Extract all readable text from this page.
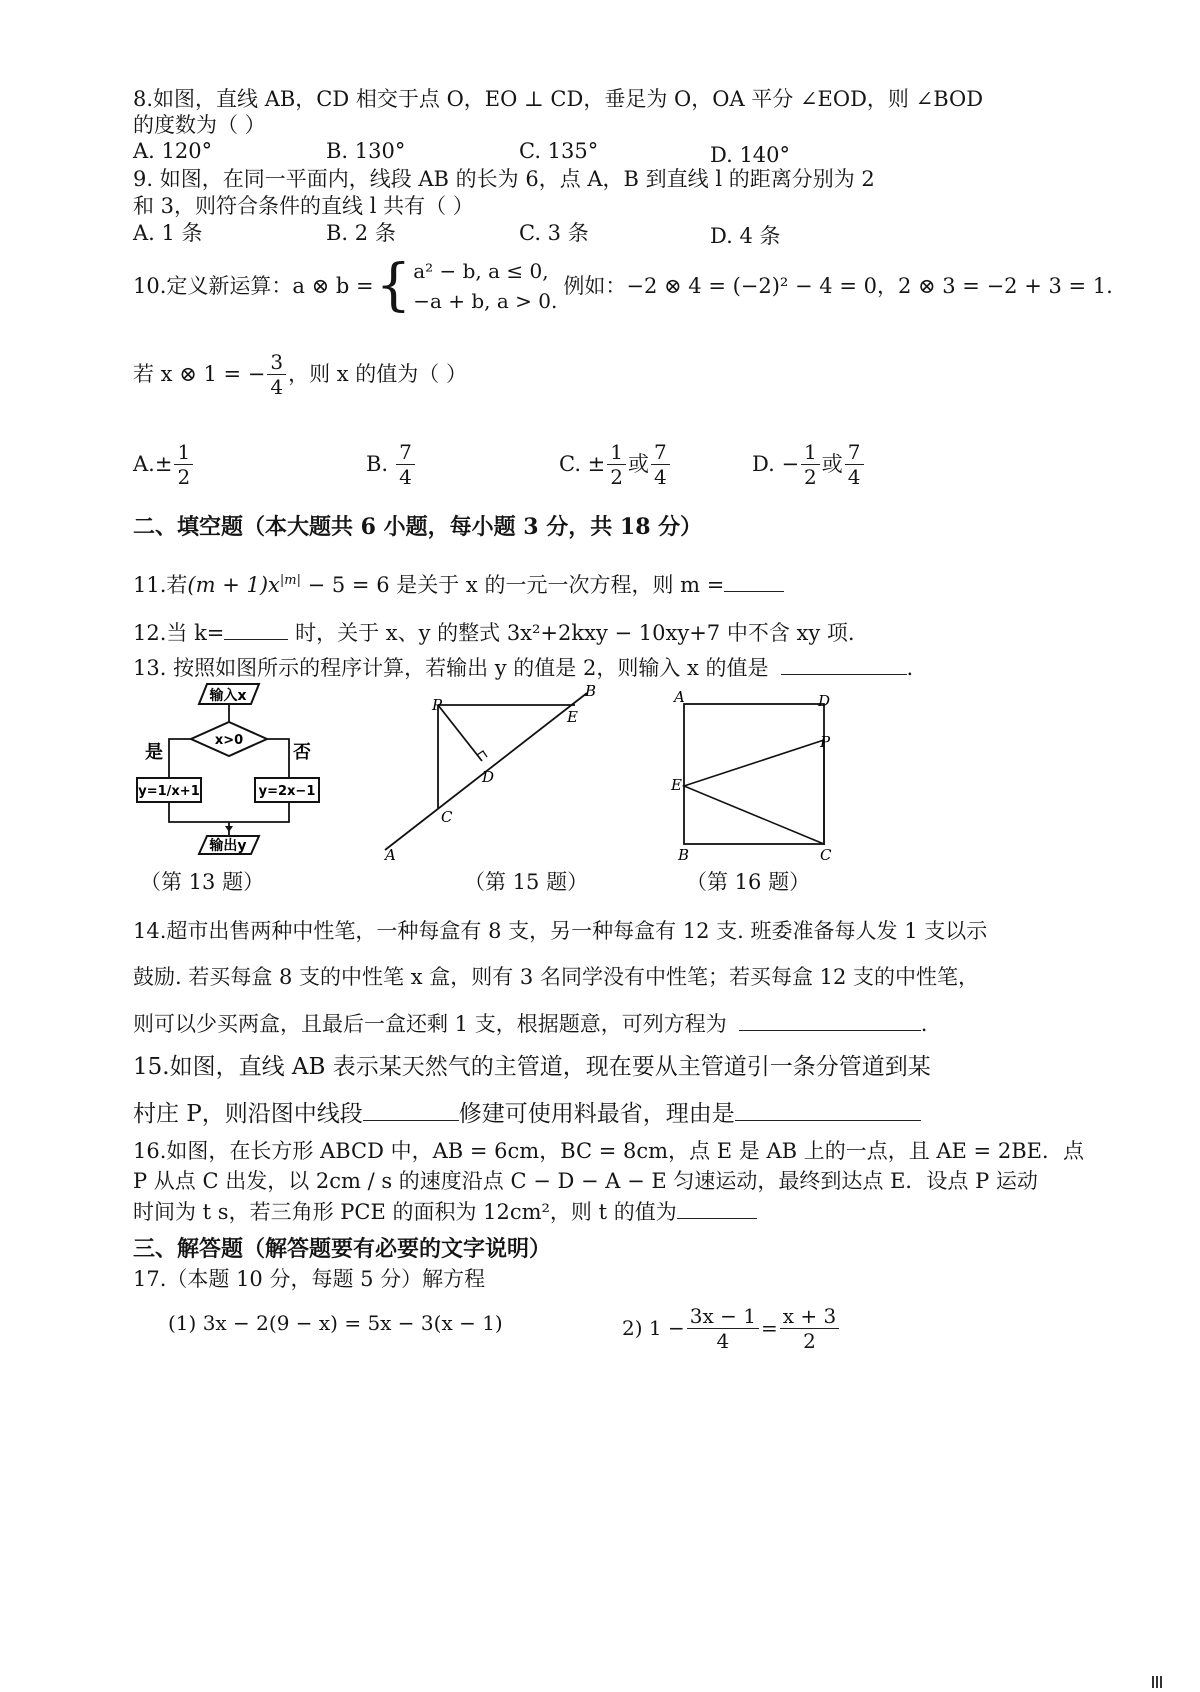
8.如图，直线 AB，CD 相交于点 O，EO ⊥ CD，垂足为 O，OA 平分 ∠EOD，则 ∠BOD
的度数为（ ）
A. 120°	B. 130°	C. 135°	D. 140°
9. 如图，在同一平面内，线段 AB 的长为 6，点 A，B 到直线 l 的距离分别为 2
和 3，则符合条件的直线 l 共有（ ）
A. 1 条	B. 2 条	C. 3 条	D. 4 条
10.定义新运算：a ⊗ b = { a² − b, a ≤ 0,
−a + b, a > 0.
例如：−2 ⊗ 4 = (−2)² − 4 = 0，2 ⊗ 3 = −2 + 3 = 1.
若 x ⊗ 1 = − $\frac{3}{4}$ ，则 x 的值为（ ）
$A.\pm \frac{1}{2}$	B. $\frac{7}{4}$	C. ± $\frac{1}{2}$ 或 $\frac{7}{4}$	D. − $\frac{1}{2}$ 或 $\frac{7}{4}$
二、填空题（本大题共 6 小题，每小题 3 分，共 18 分）
11.若$(m + 1)x^{|m|} - 5 = 6$ 是关于 x 的一元一次方程，则 m =
12.当 k=	时，关于 x、y 的整式 3x²+2kxy − 10xy+7 中不含 xy 项.
13. 按照如图所示的程序计算，若输出 y 的值是 2，则输入 x 的值是	.
输入x
x>0
是	否
y=1/x+1	y=2x−1
输出y
P
B
E
D
C
A
A	D
P
E
B	C
（第 13 题）	（第 15 题）	（第 16 题）
14.超市出售两种中性笔，一种每盒有 8 支，另一种每盒有 12 支. 班委准备每人发 1 支以示
鼓励. 若买每盒 8 支的中性笔 x 盒，则有 3 名同学没有中性笔；若买每盒 12 支的中性笔，
则可以少买两盒，且最后一盒还剩 1 支，根据题意，可列方程为	.
15.如图，直线 AB 表示某天然气的主管道，现在要从主管道引一条分管道到某
村庄 P，则沿图中线段	修建可使用料最省，理由是
16.如图，在长方形 ABCD 中，AB = 6cm，BC = 8cm，点 E 是 AB 上的一点，且 AE = 2BE．点
P 从点 C 出发，以 2cm / s 的速度沿点 C − D − A − E 匀速运动，最终到达点 E．设点 P 运动
时间为 t s，若三角形 PCE 的面积为 12cm²，则 t 的值为
三、解答题（解答题要有必要的文字说明）
17.（本题 10 分，每题 5 分）解方程
(1) 3x − 2(9 − x) = 5x − 3(x − 1)	2) $1 - \frac{3x - 1}{4} = \frac{x + 3}{2}$
